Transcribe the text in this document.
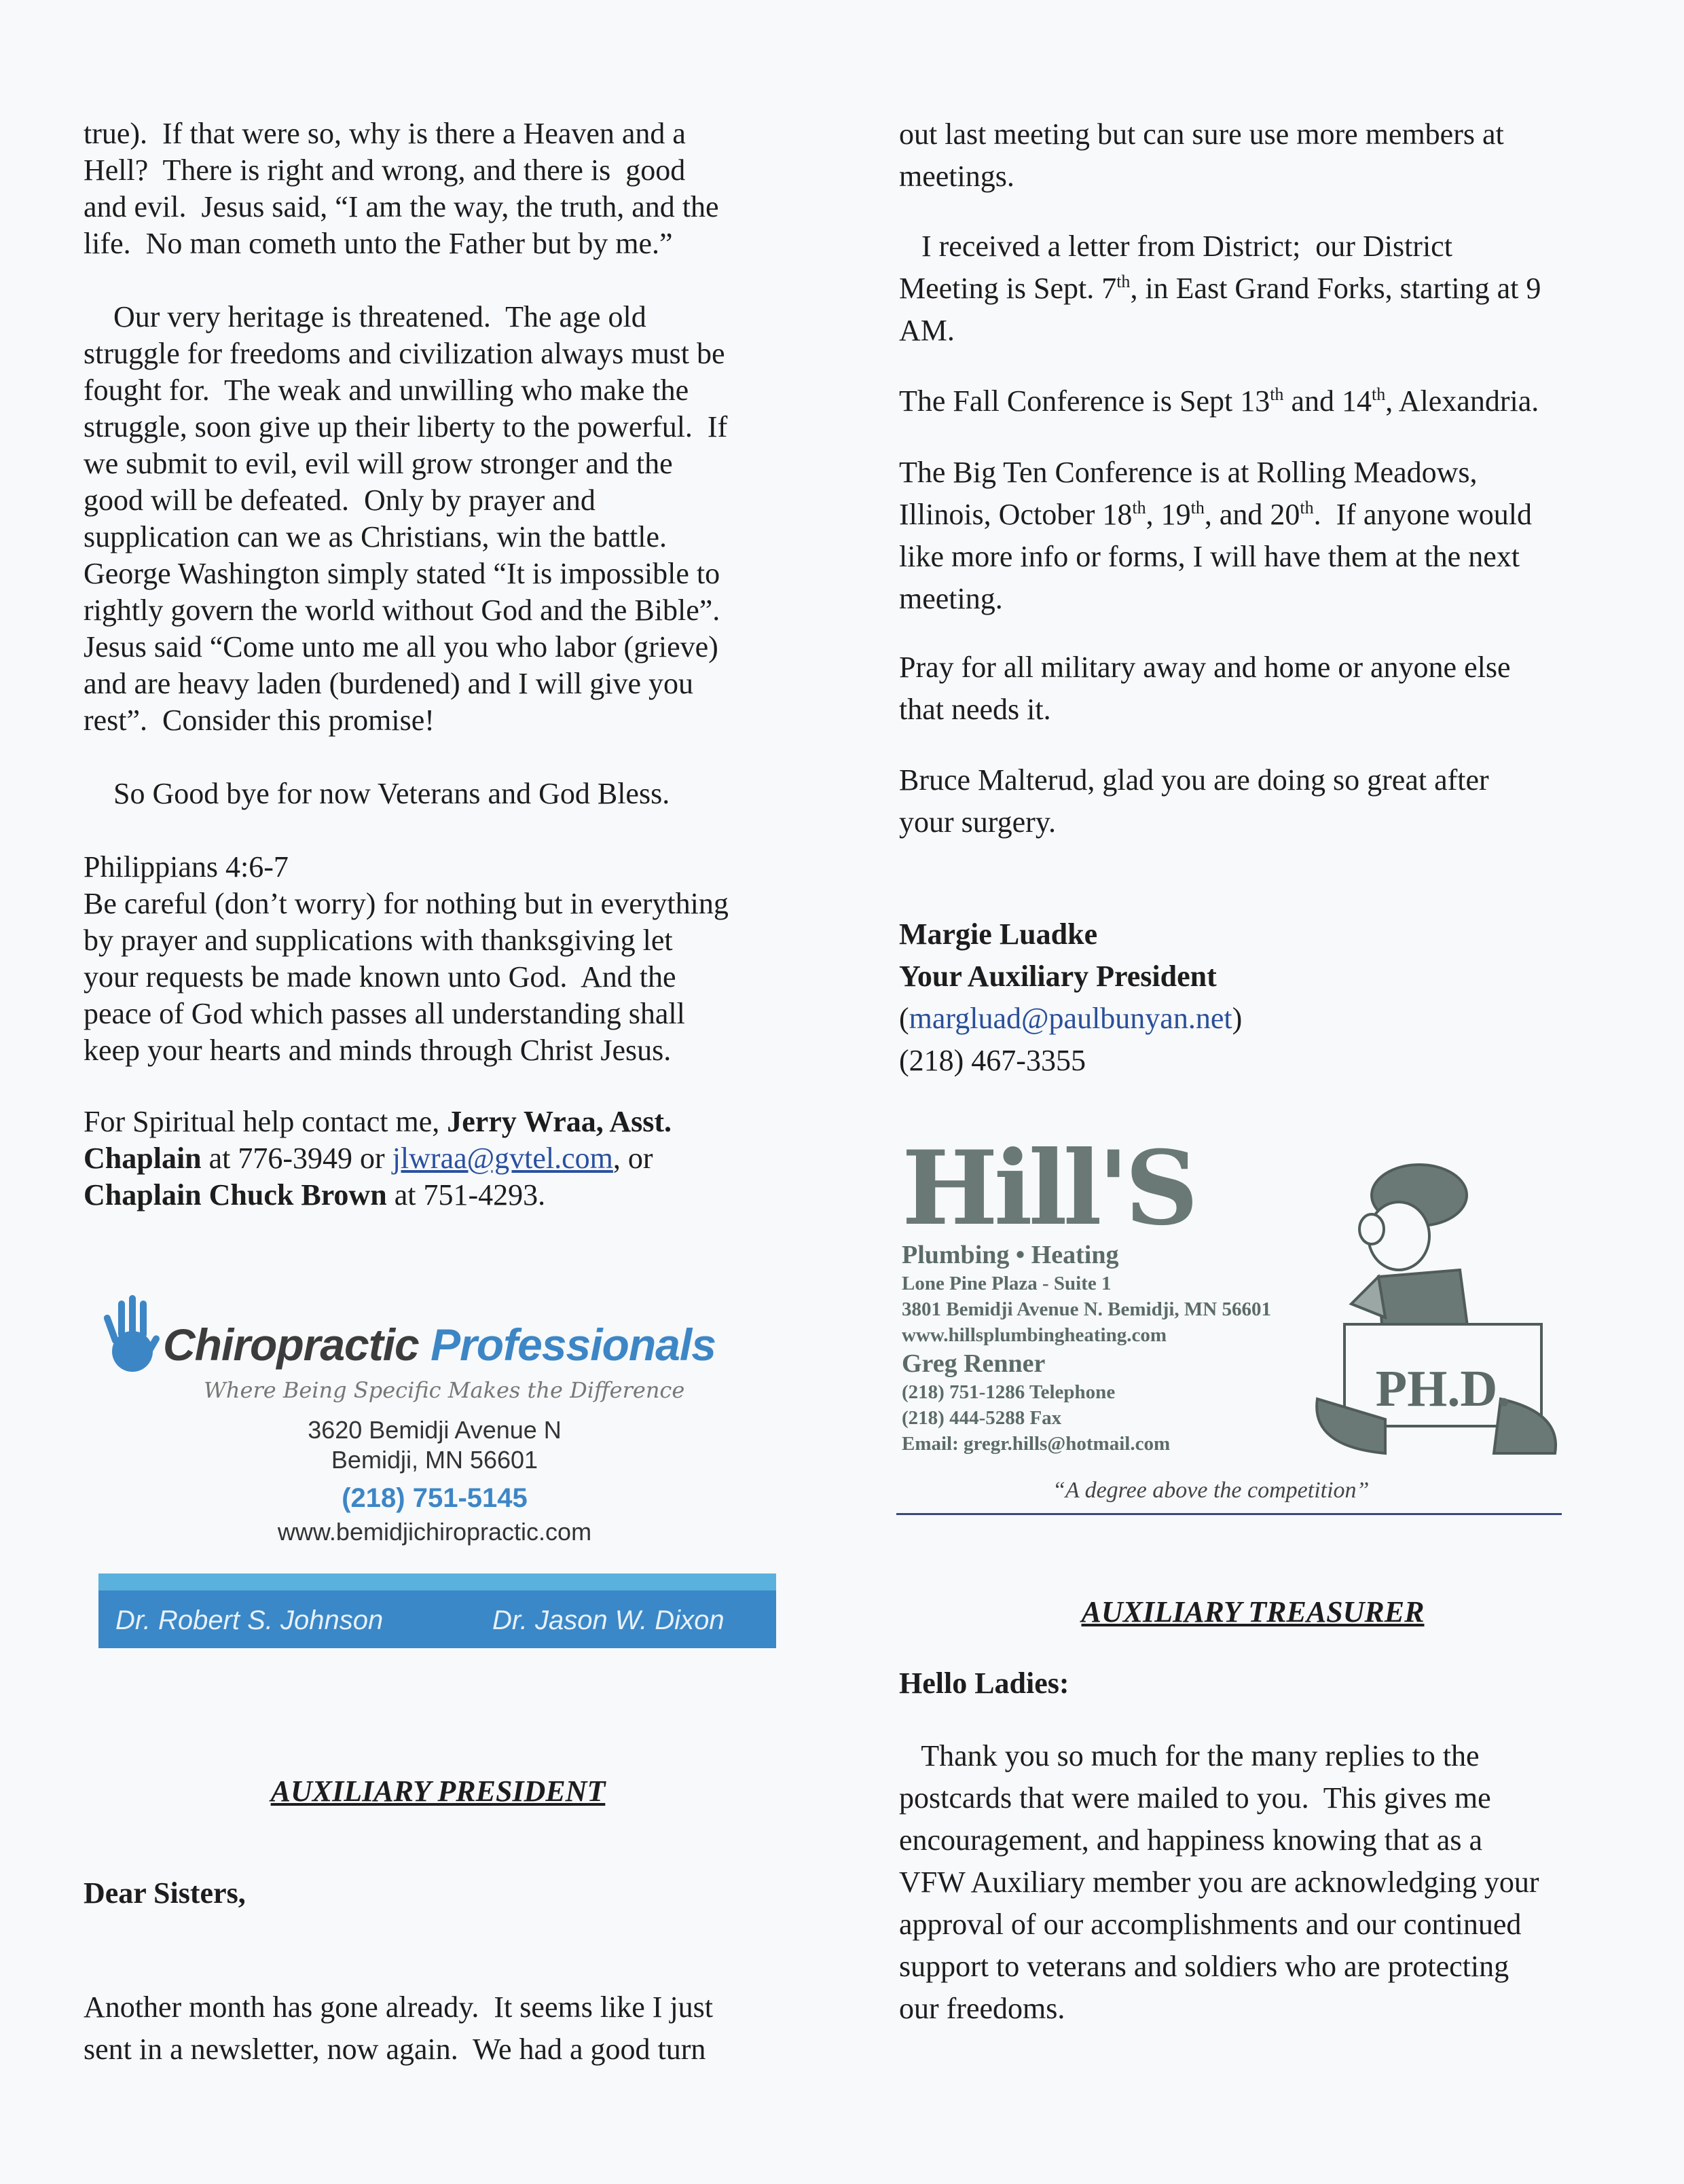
true).  If that were so, why is there a Heaven and a
Hell?  There is right and wrong, and there is  good
and evil.  Jesus said, “I am the way, the truth, and the
life.  No man cometh unto the Father but by me.”
Our very heritage is threatened.  The age old
struggle for freedoms and civilization always must be
fought for.  The weak and unwilling who make the
struggle, soon give up their liberty to the powerful.  If
we submit to evil, evil will grow stronger and the
good will be defeated.  Only by prayer and
supplication can we as Christians, win the battle.
George Washington simply stated “It is impossible to
rightly govern the world without God and the Bible”.
Jesus said “Come unto me all you who labor (grieve)
and are heavy laden (burdened) and I will give you
rest”.  Consider this promise!
So Good bye for now Veterans and God Bless.
Philippians 4:6-7
Be careful (don’t worry) for nothing but in everything
by prayer and supplications with thanksgiving let
your requests be made known unto God.  And the
peace of God which passes all understanding shall
keep your hearts and minds through Christ Jesus.
For Spiritual help contact me, Jerry Wraa, Asst.
Chaplain at 776-3949 or jlwraa@gvtel.com, or
Chaplain Chuck Brown at 751-4293.
Chiropractic Professionals
Where Being Specific Makes the Difference
3620 Bemidji Avenue N
Bemidji, MN 56601
(218) 751-5145
www.bemidjichiropractic.com
Dr. Robert S. Johnson	Dr. Jason W. Dixon
AUXILIARY PRESIDENT
Dear Sisters,
Another month has gone already.  It seems like I just
sent in a newsletter, now again.  We had a good turn
out last meeting but can sure use more members at
meetings.
I received a letter from District;  our District
Meeting is Sept. 7th, in East Grand Forks, starting at 9
AM.
The Fall Conference is Sept 13th and 14th, Alexandria.
The Big Ten Conference is at Rolling Meadows,
Illinois, October 18th, 19th, and 20th.  If anyone would
like more info or forms, I will have them at the next
meeting.
Pray for all military away and home or anyone else
that needs it.
Bruce Malterud, glad you are doing so great after
your surgery.
Margie Luadke
Your Auxiliary President
(margluad@paulbunyan.net)
(218) 467-3355
Hill'S
Plumbing • Heating
Lone Pine Plaza - Suite 1
3801 Bemidji Avenue N. Bemidji, MN 56601
www.hillsplumbingheating.com
Greg Renner
(218) 751-1286 Telephone
(218) 444-5288 Fax
Email: gregr.hills@hotmail.com
PH.D.
“A degree above the competition”
AUXILIARY TREASURER
Hello Ladies:
Thank you so much for the many replies to the
postcards that were mailed to you.  This gives me
encouragement, and happiness knowing that as a
VFW Auxiliary member you are acknowledging your
approval of our accomplishments and our continued
support to veterans and soldiers who are protecting
our freedoms.
